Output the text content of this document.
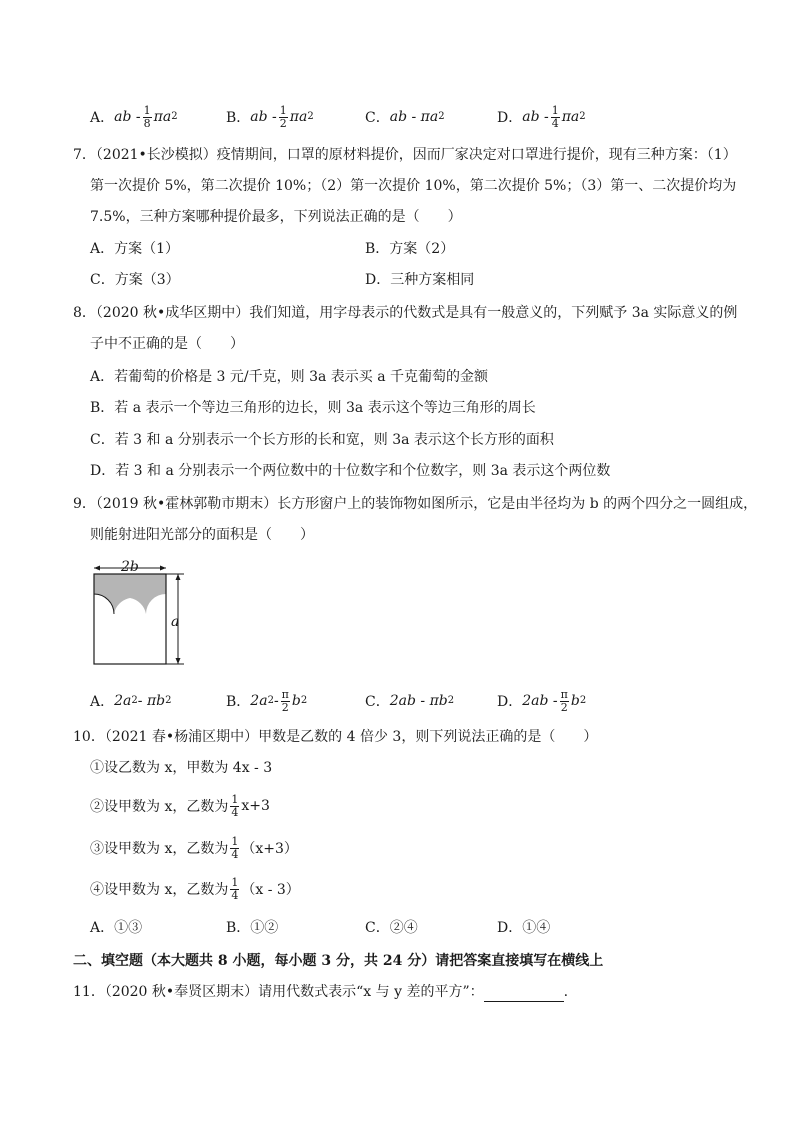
A． ab - $\frac{1}{8}$ πa 2	B． ab - $\frac{1}{2}$ πa 2	C． ab - πa 2	D． ab - $\frac{1}{4}$ πa 2
7．（2021•长沙模拟）疫情期间，口罩的原材料提价，因而厂家决定对口罩进行提价，现有三种方案：（1）
第一次提价 5%，第二次提价 10%；（2）第一次提价 10%，第二次提价 5%；（3）第一、二次提价均为
7.5%，三种方案哪种提价最多，下列说法正确的是（　　）
A．方案（1）	B．方案（2）
C．方案（3）	D．三种方案相同
8．（2020 秋•成华区期中）我们知道，用字母表示的代数式是具有一般意义的，下列赋予 3a 实际意义的例
子中不正确的是（　　）
A．若葡萄的价格是 3 元/千克，则 3a 表示买 a 千克葡萄的金额
B．若 a 表示一个等边三角形的边长，则 3a 表示这个等边三角形的周长
C．若 3 和 a 分别表示一个长方形的长和宽，则 3a 表示这个长方形的面积
D．若 3 和 a 分别表示一个两位数中的十位数字和个位数字，则 3a 表示这个两位数
9．（2019 秋•霍林郭勒市期末）长方形窗户上的装饰物如图所示，它是由半径均为 b 的两个四分之一圆组成，
则能射进阳光部分的面积是（　　）
2b
a
A． 2a 2 - πb 2	B． 2a $2 - \frac{\pi}{2}$ b 2	C． 2ab - πb 2	D． $2ab - \frac{\pi}{2}$ b 2
10．（2021 春•杨浦区期中）甲数是乙数的 4 倍少 3，则下列说法正确的是（　　）
①设乙数为 x，甲数为 4x - 3
②设甲数为 x，乙数为 $\frac{1}{4} x+3$
③设甲数为 x，乙数为 $\frac{1}{4} (x+3)$
④设甲数为 x，乙数为 $\frac{1}{4} (x - 3)$
A．①③	B．①②	C．②④	D．①④
二、填空题（本大题共 8 小题，每小题 3 分，共 24 分）请把答案直接填写在横线上
11．（2020 秋•奉贤区期末）请用代数式表示“x 与 y 差的平方”：	.
